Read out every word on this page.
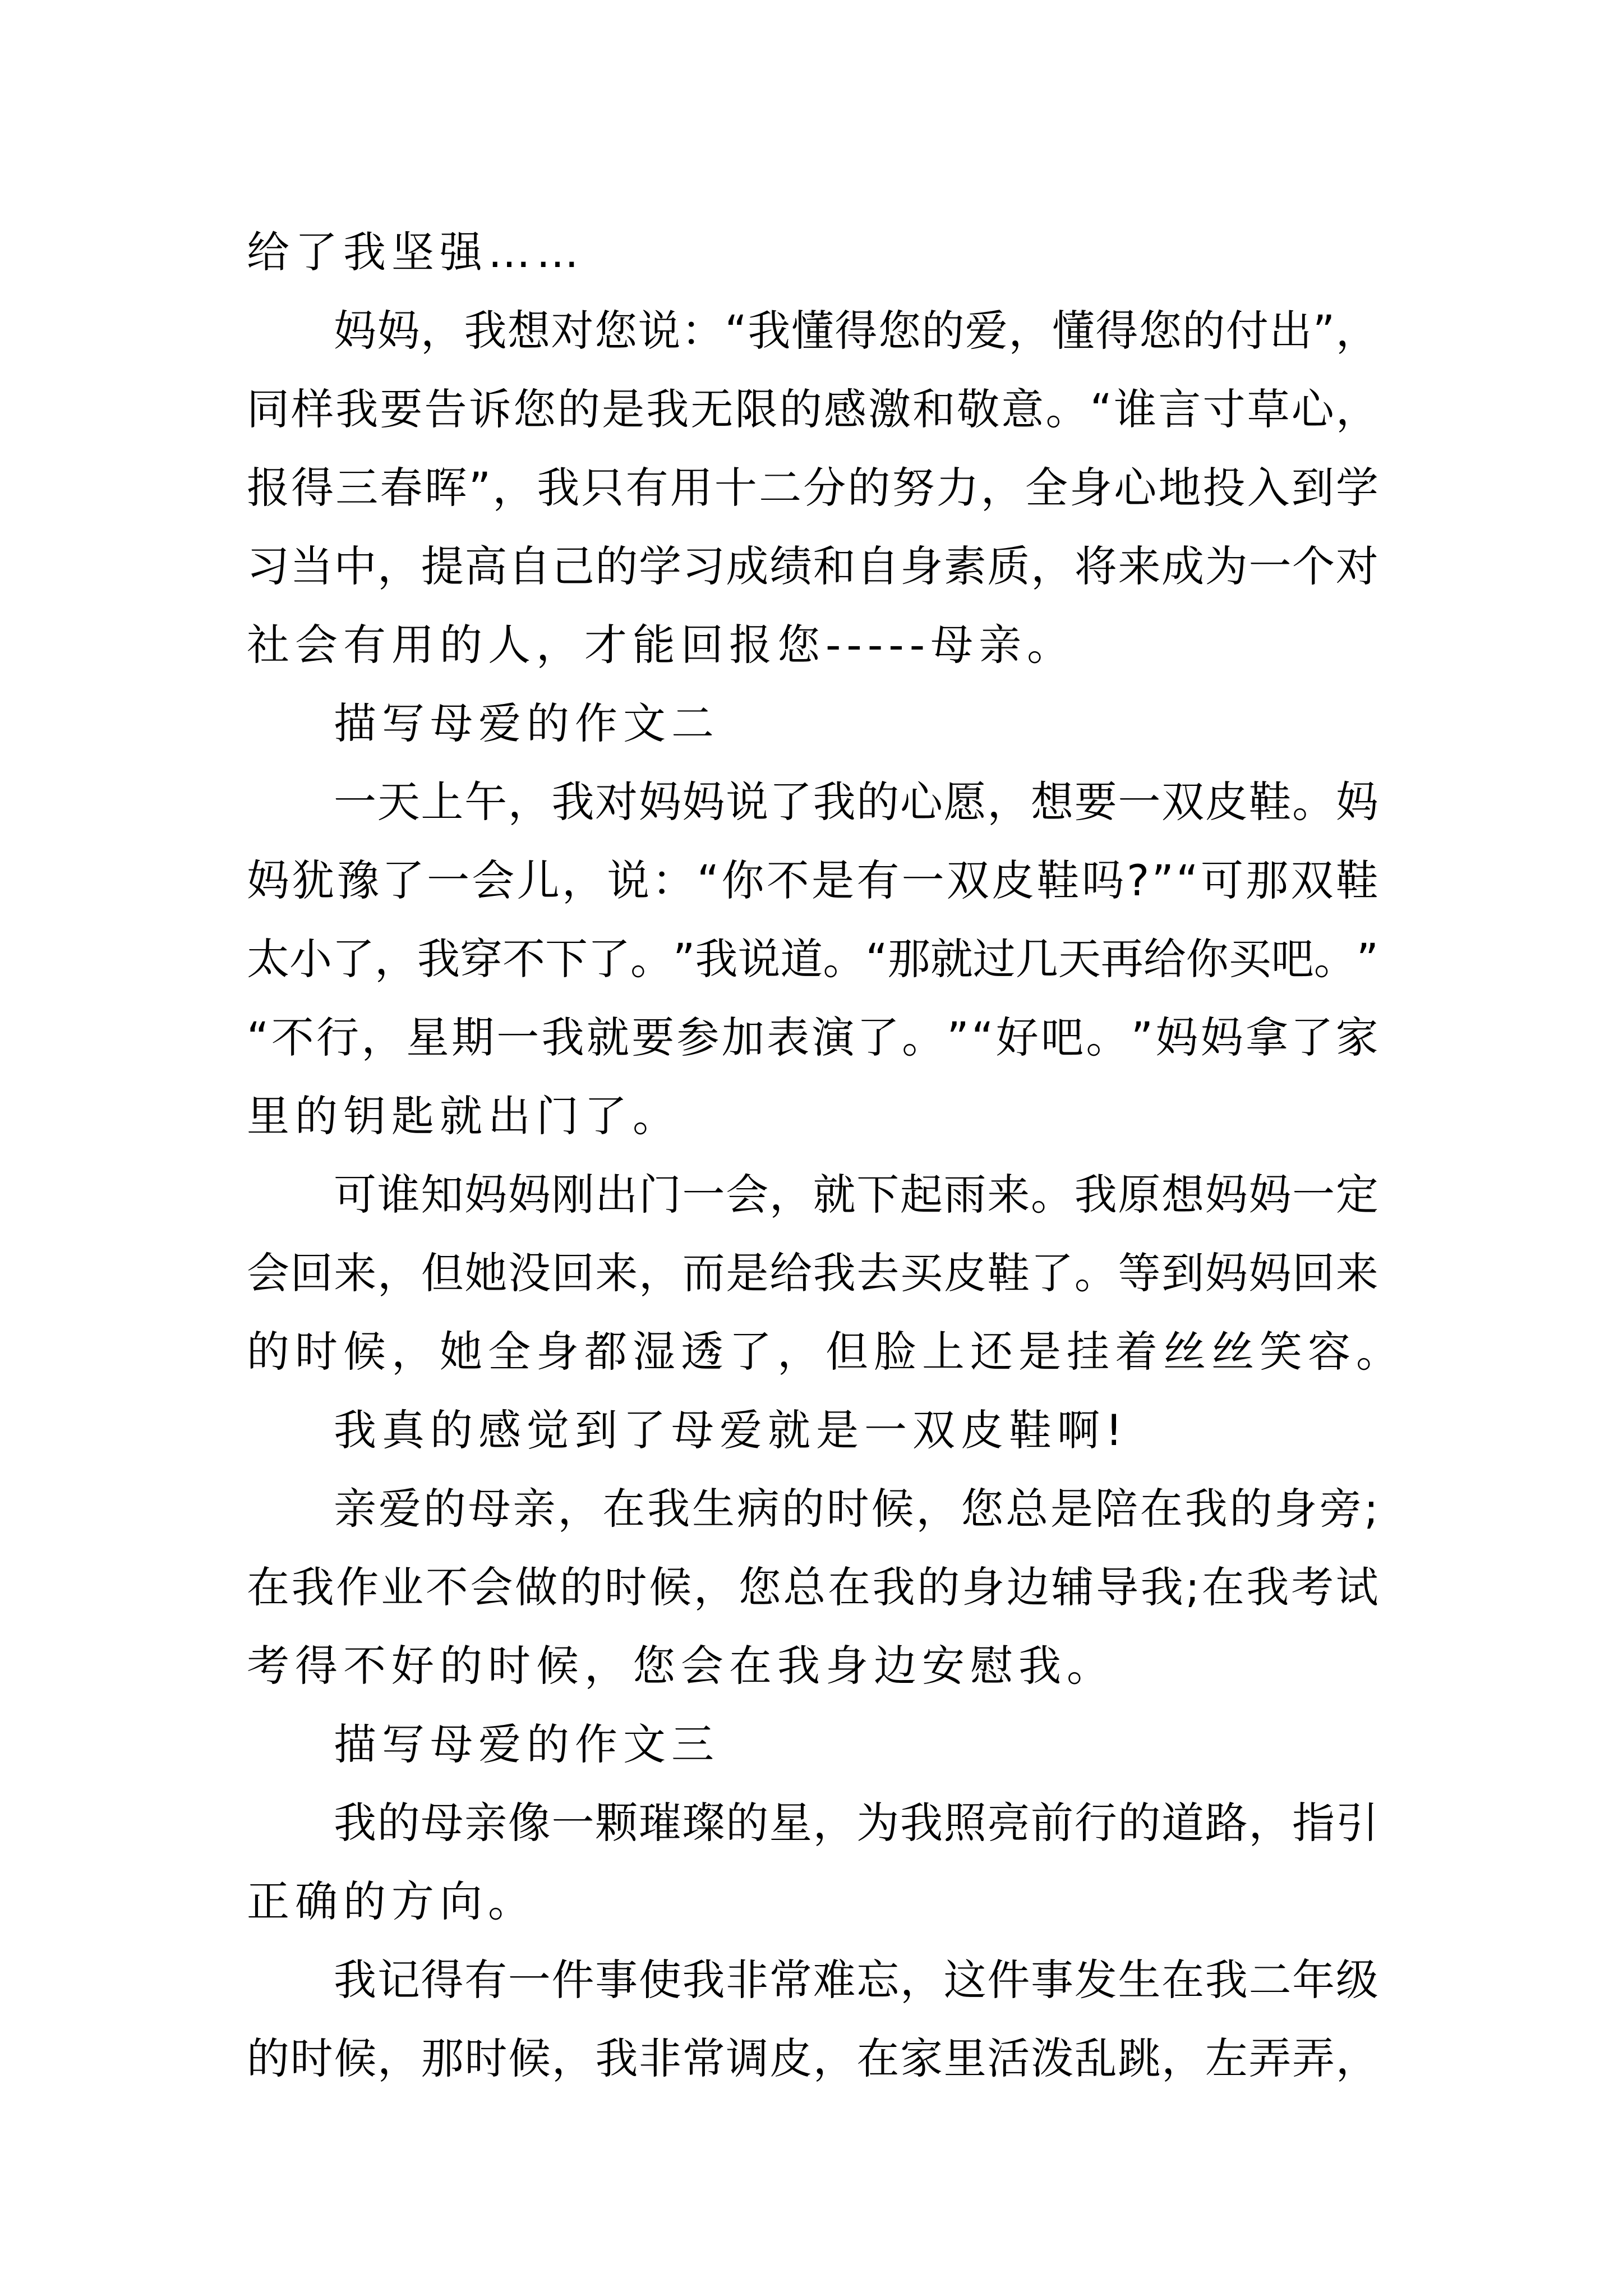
给了我坚强……
妈 妈 ， 我 想 对 您 说 ： “ 我 懂 得 您 的 爱 ， 懂 得 您 的 付 出 ” ，
同 样 我 要 告 诉 您 的 是 我 无 限 的 感 激 和 敬 意 。 “ 谁 言 寸 草 心 ，
报 得 三 春 晖 ” ， 我 只 有 用 十 二 分 的 努 力 ， 全 身 心 地 投 入 到 学
习 当 中 ， 提 高 自 己 的 学 习 成 绩 和 自 身 素 质 ， 将 来 成 为 一 个 对
社会有用的人，才能回报您-----母亲。
描写母爱的作文二
一 天 上 午 ， 我 对 妈 妈 说 了 我 的 心 愿 ， 想 要 一 双 皮 鞋 。 妈
妈 犹 豫 了 一 会 儿 ， 说 ： “ 你 不 是 有 一 双 皮 鞋 吗 ? ” “ 可 那 双 鞋
太 小 了 ， 我 穿 不 下 了 。 ” 我 说 道 。 “ 那 就 过 几 天 再 给 你 买 吧 。 ”
“ 不 行 ， 星 期 一 我 就 要 参 加 表 演 了 。 ” “ 好 吧 。 ” 妈 妈 拿 了 家
里的钥匙就出门了。
可 谁 知 妈 妈 刚 出 门 一 会 ， 就 下 起 雨 来 。 我 原 想 妈 妈 一 定
会 回 来 ， 但 她 没 回 来 ， 而 是 给 我 去 买 皮 鞋 了 。 等 到 妈 妈 回 来
的时候，她全身都湿透了，但脸上还是挂着丝丝笑容。
我真的感觉到了母爱就是一双皮鞋啊!
亲 爱 的 母 亲 ， 在 我 生 病 的 时 候 ， 您 总 是 陪 在 我 的 身 旁 ;
在 我 作 业 不 会 做 的 时 候 ， 您 总 在 我 的 身 边 辅 导 我 ; 在 我 考 试
考得不好的时候，您会在我身边安慰我。
描写母爱的作文三
我 的 母 亲 像 一 颗 璀 璨 的 星 ， 为 我 照 亮 前 行 的 道 路 ， 指 引
正确的方向。
我 记 得 有 一 件 事 使 我 非 常 难 忘 ， 这 件 事 发 生 在 我 二 年 级
的 时 候 ， 那 时 候 ， 我 非 常 调 皮 ， 在 家 里 活 泼 乱 跳 ， 左 弄 弄 ，
